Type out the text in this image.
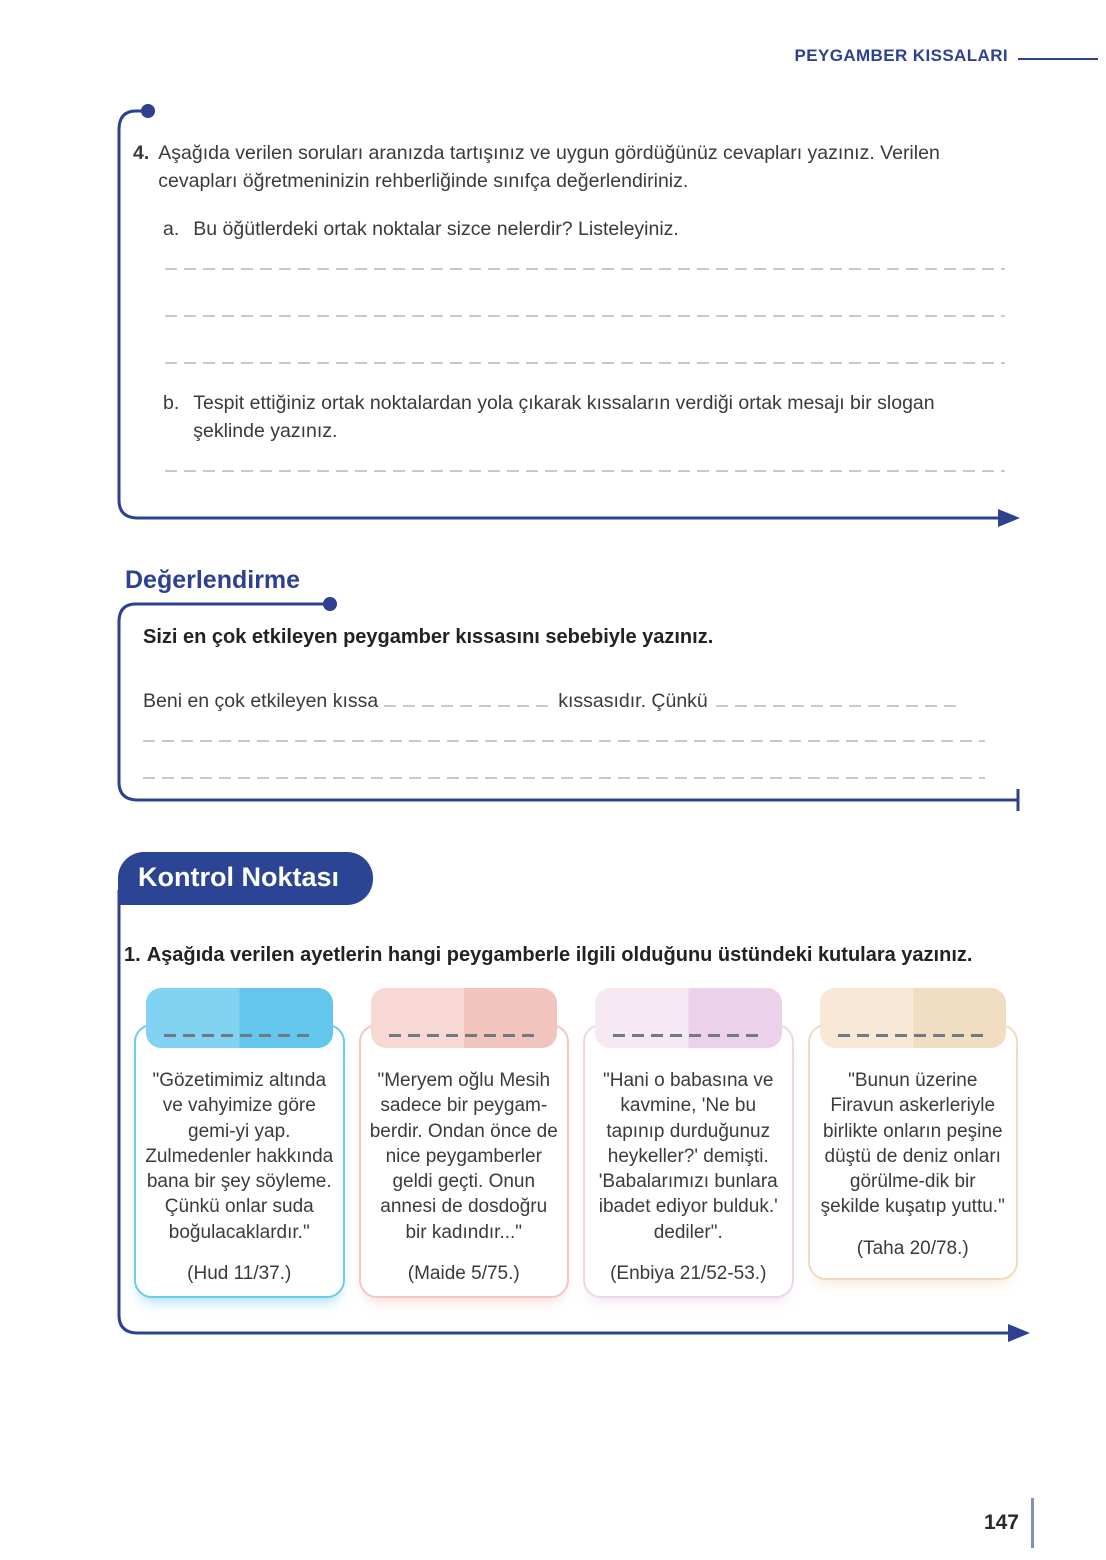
PEYGAMBER KISSALARI
4. Aşağıda verilen soruları aranızda tartışınız ve uygun gördüğünüz cevapları yazınız. Verilen cevapları öğretmeninizin rehberliğinde sınıfça değerlendiriniz.
a. Bu öğütlerdeki ortak noktalar sizce nelerdir? Listeleyiniz.
b. Tespit ettiğiniz ortak noktalardan yola çıkarak kıssaların verdiği ortak mesajı bir slogan şeklinde yazınız.
Değerlendirme
Sizi en çok etkileyen peygamber kıssasını sebebiyle yazınız.
Beni en çok etkileyen kıssa	kıssasıdır. Çünkü
Kontrol Noktası
1. Aşağıda verilen ayetlerin hangi peygamberle ilgili olduğunu üstündeki kutulara yazınız.
"Gözetimimiz altında ve vahyimize göre gemi-yi yap. Zulmedenler hakkında bana bir şey söyleme. Çünkü onlar suda boğulacaklardır."
(Hud 11/37.)
"Meryem oğlu Mesih sadece bir peygam-berdir. Ondan önce de nice peygamberler geldi geçti. Onun annesi de dosdoğru bir kadındır..."
(Maide 5/75.)
"Hani o babasına ve kavmine, 'Ne bu tapınıp durduğunuz heykeller?' demişti. 'Babalarımızı bunlara ibadet ediyor bulduk.' dediler".
(Enbiya 21/52-53.)
"Bunun üzerine Firavun askerleriyle birlikte onların peşine düştü de deniz onları görülme-dik bir şekilde kuşatıp yuttu."
(Taha 20/78.)
147
